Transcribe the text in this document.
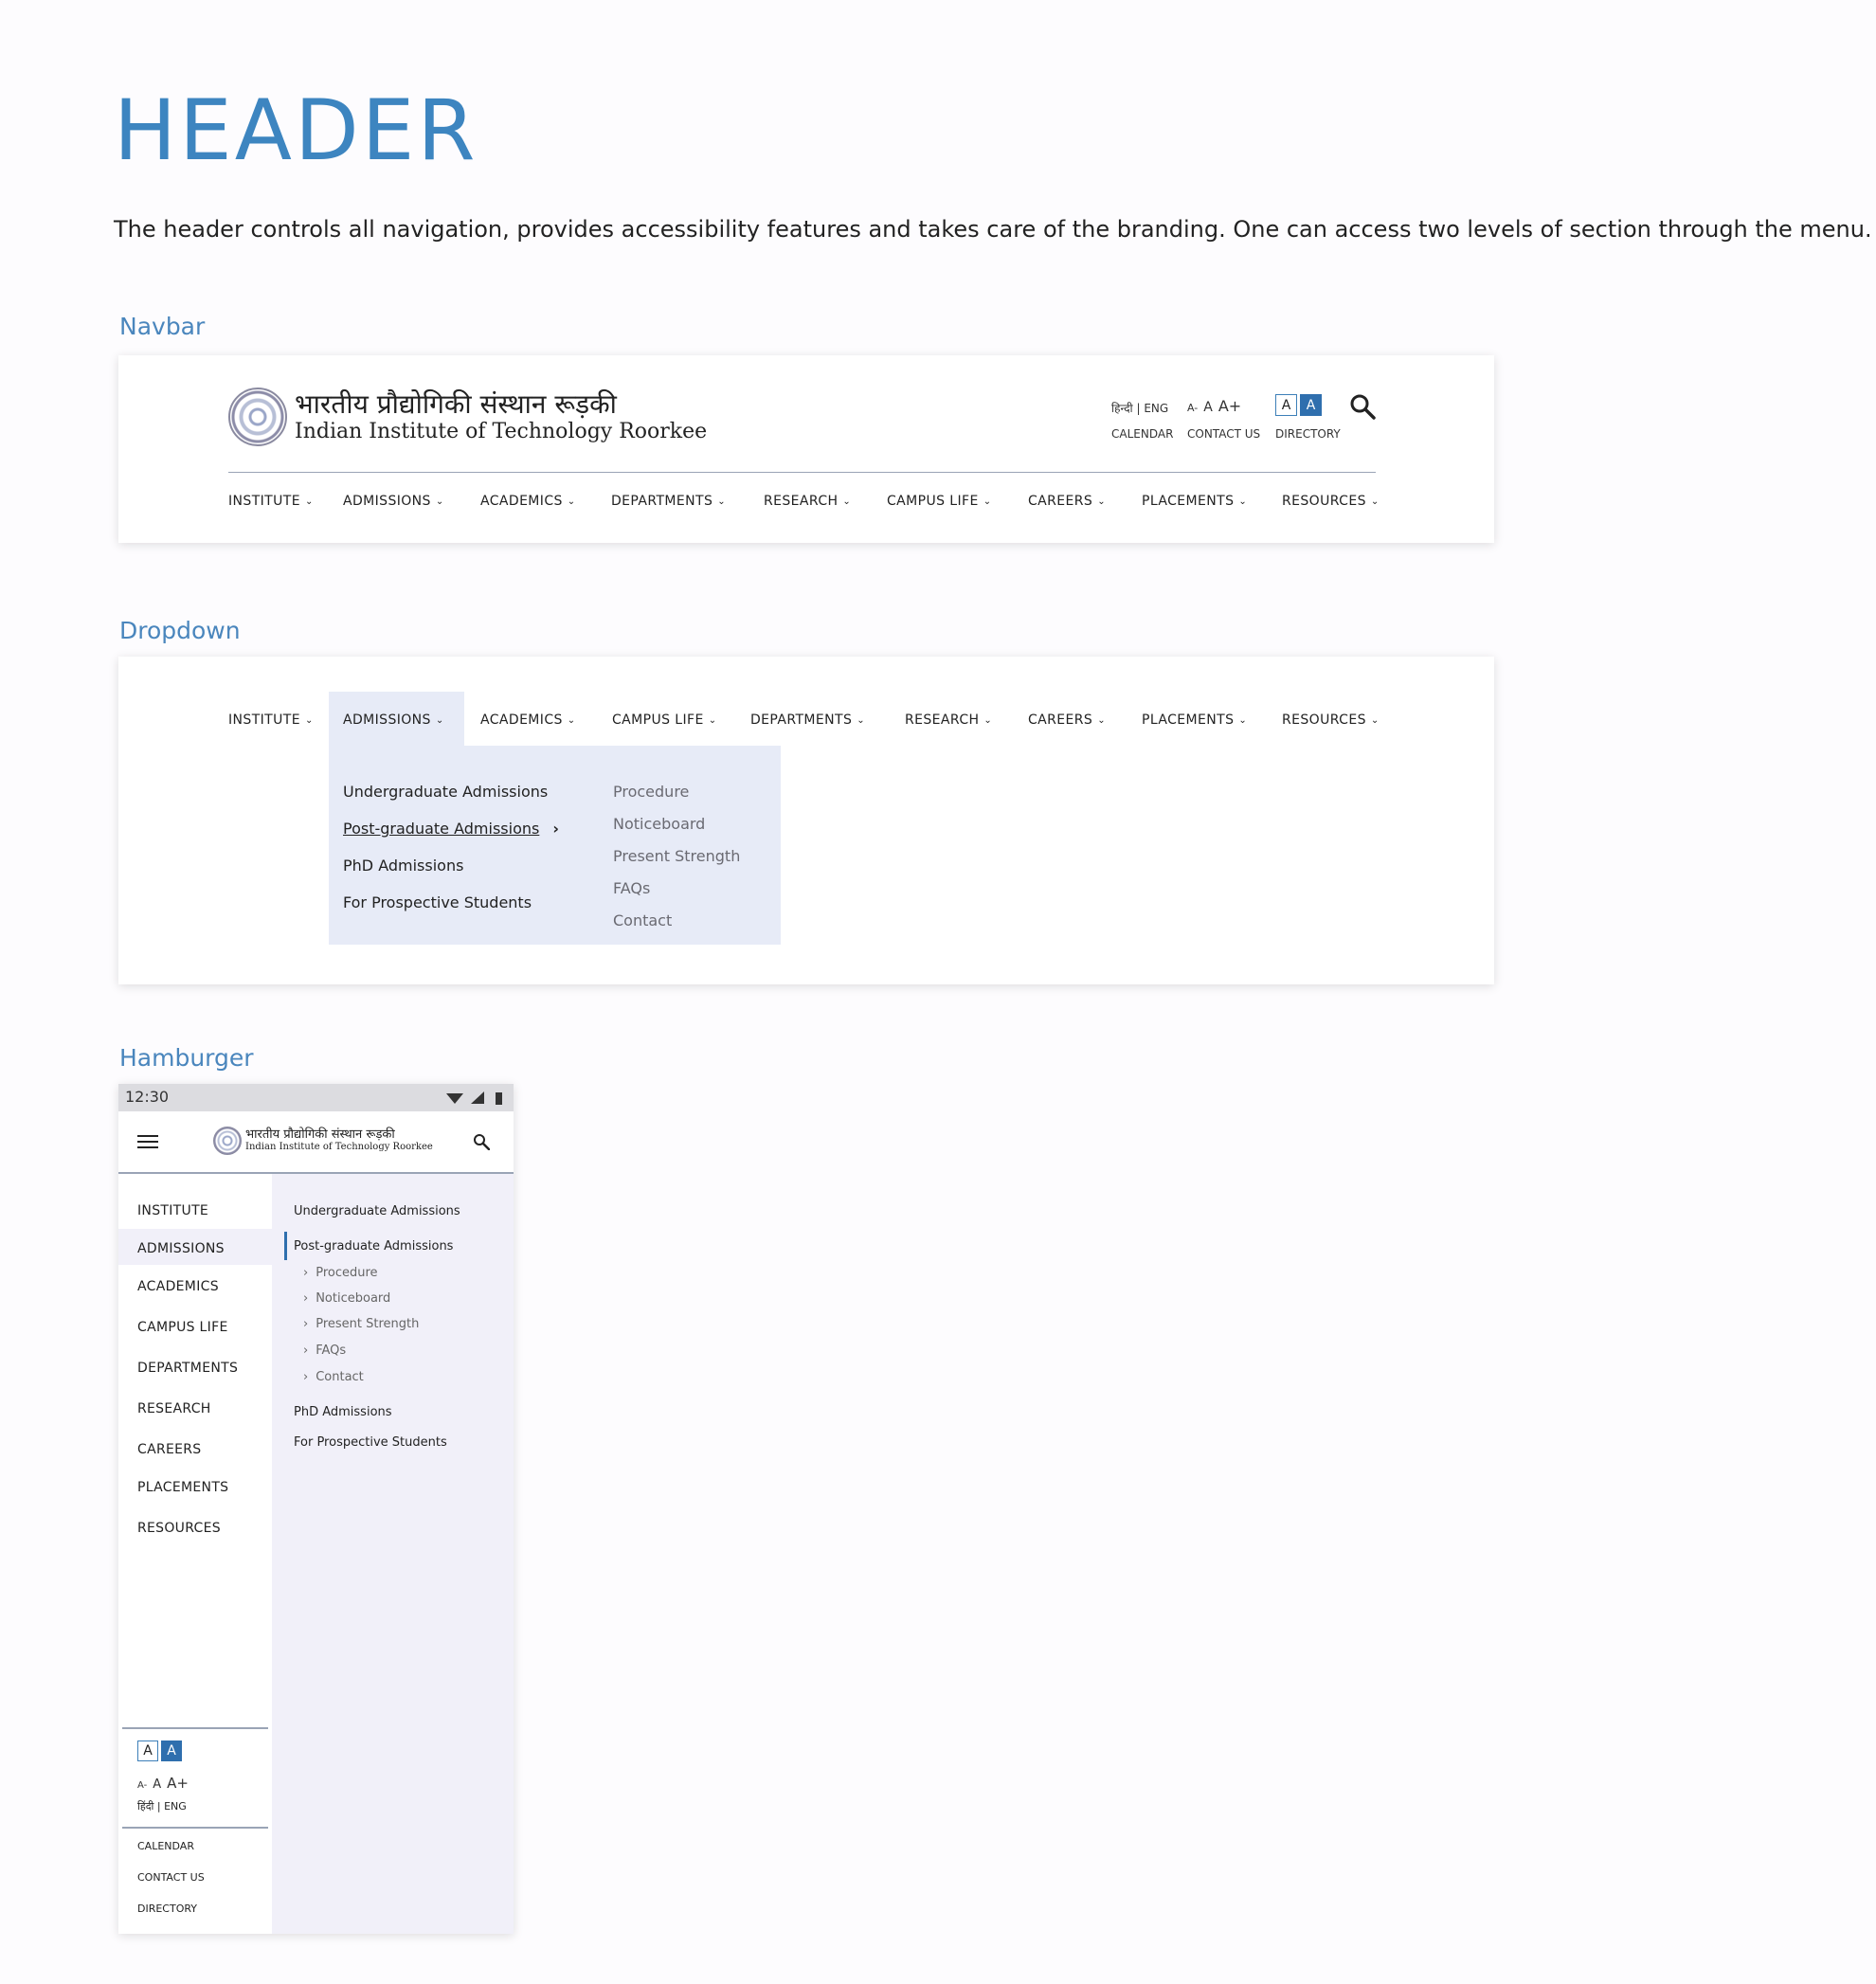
HEADER
The header controls all navigation, provides accessibility features and takes care of the branding. One can access two levels of section through the menu.
Navbar
भारतीय प्रौद्योगिकी संस्थान रूड़की
Indian Institute of Technology Roorkee
हिन्दी | ENG A- A A+	A	A
CALENDAR CONTACT US DIRECTORY
INSTITUTE ⌄ ADMISSIONS ⌄	ACADEMICS ⌄	DEPARTMENTS ⌄	RESEARCH ⌄	CAMPUS LIFE ⌄	CAREERS ⌄	PLACEMENTS ⌄	RESOURCES ⌄
Dropdown
INSTITUTE ⌄ ADMISSIONS ⌄	ACADEMICS ⌄	CAMPUS LIFE ⌄	DEPARTMENTS ⌄	RESEARCH ⌄	CAREERS ⌄	PLACEMENTS ⌄	RESOURCES ⌄
Undergraduate Admissions
Post-graduate Admissions ›
PhD Admissions
For Prospective Students
Procedure
Noticeboard
Present Strength
FAQs
Contact
Hamburger
12:30
भारतीय प्रौद्योगिकी संस्थान रूड़की
Indian Institute of Technology Roorkee
INSTITUTE
ADMISSIONS
ACADEMICS
CAMPUS LIFE
DEPARTMENTS
RESEARCH
CAREERS
PLACEMENTS
RESOURCES
A	A
A- A A+
हिंदी | ENG
CALENDAR
CONTACT US
DIRECTORY
Undergraduate Admissions
Post-graduate Admissions
› Procedure
› Noticeboard
› Present Strength
› FAQs
› Contact
PhD Admissions
For Prospective Students
